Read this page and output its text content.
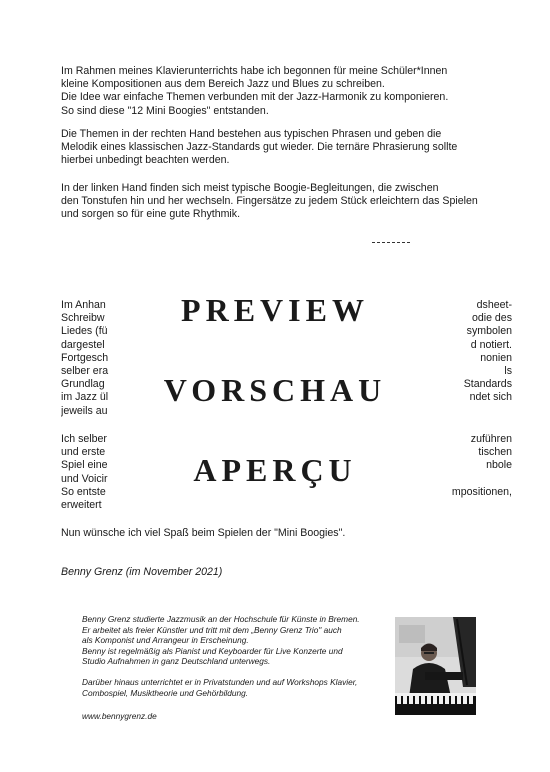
Im Rahmen meines Klavierunterrichts habe ich begonnen für meine Schüler*Innen
kleine Kompositionen aus dem Bereich Jazz und Blues zu schreiben.
Die Idee war einfache Themen verbunden mit der Jazz-Harmonik zu komponieren.
So sind diese "12 Mini Boogies" entstanden.
Die Themen in der rechten Hand bestehen aus typischen Phrasen und geben die
Melodik eines klassischen Jazz-Standards gut wieder. Die ternäre Phrasierung sollte
hierbei unbedingt beachten werden.
In der linken Hand finden sich meist typische Boogie-Begleitungen, die zwischen
den Tonstufen hin und her wechseln. Fingersätze zu jedem Stück erleichtern das Spielen
und sorgen so für eine gute Rhythmik.
Im Anhan
Schreibw
Liedes (fü
dargestel
Fortgesch
selber era
Grundlag
im Jazz ül
jeweils au
dsheet-
odie des
symbolen
d notiert.
nonien
ls
Standards
ndet sich
Ich selber
und erste
Spiel eine
und Voicir
So entste
erweitert
zuführen
tischen
nbole

mpositionen,
PREVIEW
VORSCHAU
APERÇU
Nun wünsche ich viel Spaß beim Spielen der "Mini Boogies".
Benny Grenz (im November 2021)
Benny Grenz studierte Jazzmusik an der Hochschule für Künste in Bremen.
Er arbeitet als freier Künstler und tritt mit dem „Benny Grenz Trio" auch
als Komponist und Arrangeur in Erscheinung.
Benny ist regelmäßig als Pianist und Keyboarder für Live Konzerte und
Studio Aufnahmen in ganz Deutschland unterwegs.
Darüber hinaus unterrichtet er in Privatstunden und auf Workshops Klavier,
Combospiel, Musiktheorie und Gehörbildung.
www.bennygrenz.de
